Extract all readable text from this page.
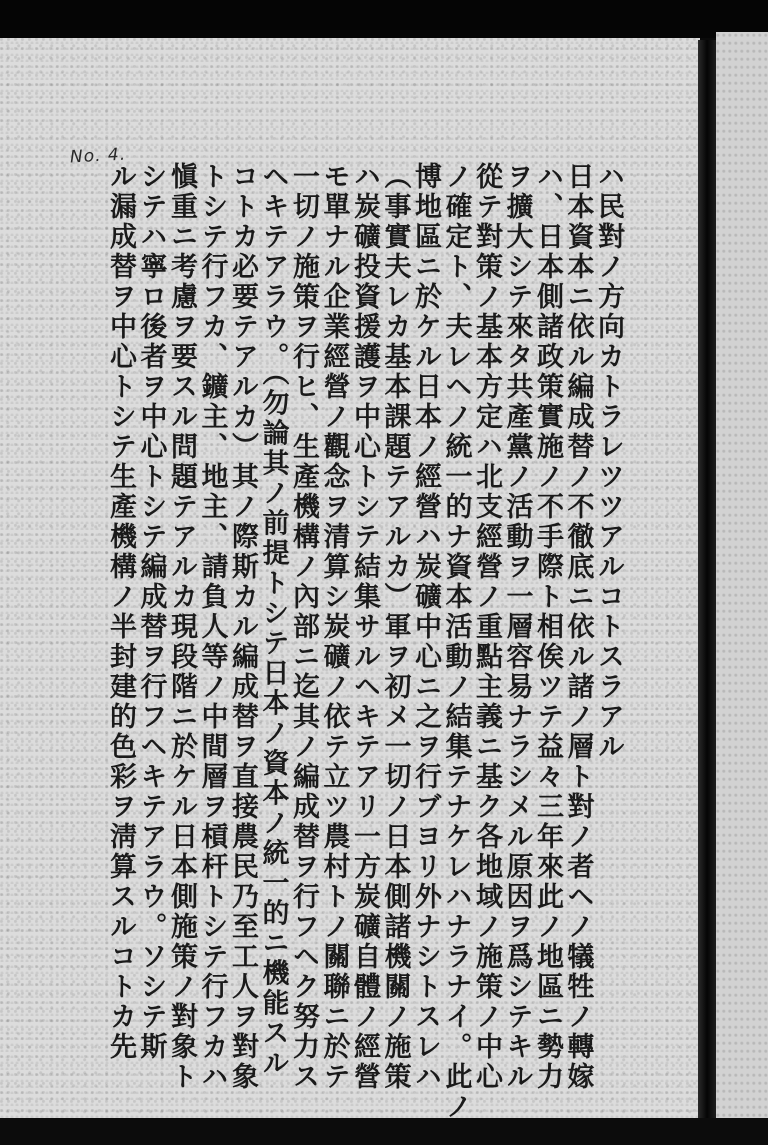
No. 4.
ハ民對ノ方向カトラレツツアルコトスラアル
日本資本ニ依ル編成替ノ不徹底ニ依ル諸ノ層ト對ノ者ヘノ犠牲ノ轉嫁
ハ、日本側諸政策實施ノ不手際ト相俟ツテ益々三年來此ノ地區ニ勢力
ヲ擴大シテ來タ共產黨ノ活動ヲ一層容易ナラシメル原因ヲ爲シテキル
從テ對策ノ基本方定ハ北支經營ノ重點主義ニ基ク各地域ノ施策ノ中心
ノ確定ト、夫レヘノ統一的ナ資本活動ノ結集テナケレハナラナイ。此ノ
博地區ニ於ケル日本ノ經營ハ炭礦中心ニ之ヲ行ブヨリ外ナシトスレハ
（事實夫レカ基本課題テアルカ）軍ヲ初メ一切ノ日本側諸機關ノ施策
ハ炭礦投資援護ヲ中心トシテ結集サルヘキテアリ一方炭礦自體ノ經營
モ單ナル企業經營ノ觀念ヲ清算シ炭礦ノ依テ立ツ農村トノ關聯ニ於テ
一切ノ施策ヲ行ヒ、生產機構ノ內部ニ迄其ノ編成替ヲ行フヘク努力ス
ヘキテアラウ。（勿論其ノ前提トシテ日本ノ資本ノ統一的ニ機能スル
コトカ必要テアルカ）其ノ際斯カル編成替ヲ直接農民乃至工人ヲ對象
トシテ行フカ、鑛主、地主、請負人等ノ中間層ヲ槓杆トシテ行フカハ
愼重ニ考慮ヲ要スル問題テアルカ現段階ニ於ケル日本側施策ノ對象ト
シテハ寧ロ後者ヲ中心トシテ編成替ヲ行フヘキテアラウ。ソシテ斯
ル漏成替ヲ中心トシテ生產機構ノ半封建的色彩ヲ淸算スルコトカ先
